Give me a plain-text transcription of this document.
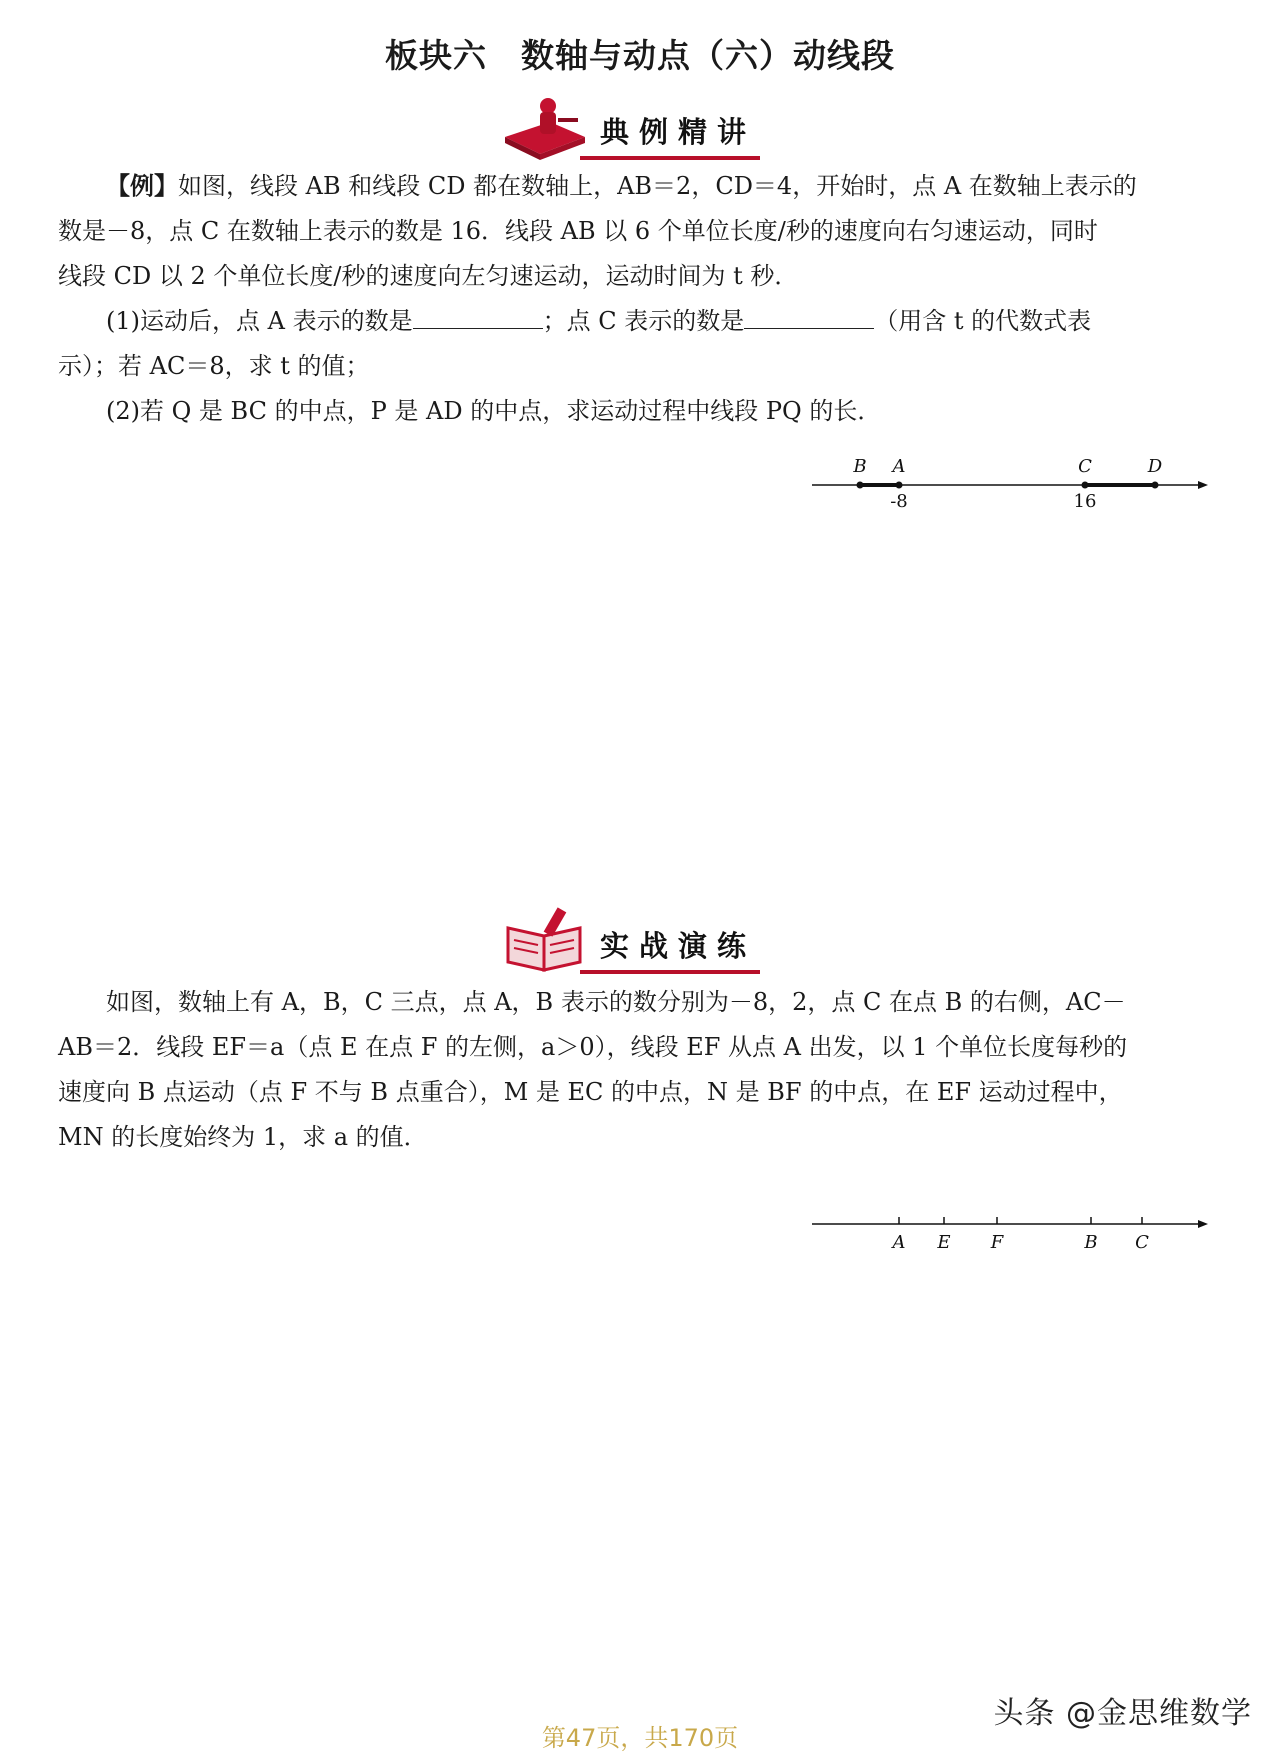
板块六　数轴与动点（六）动线段
典例精讲

【例】如图，线段 AB 和线段 CD 都在数轴上，AB＝2，CD＝4，开始时，点 A 在数轴上表示的

数是－8，点 C 在数轴上表示的数是 16．线段 AB 以 6 个单位长度/秒的速度向右匀速运动，同时

线段 CD 以 2 个单位长度/秒的速度向左匀速运动，运动时间为 t 秒．

(1)运动后，点 A 表示的数是	；点 C 表示的数是	（用含 t 的代数式表

示）；若 AC＝8，求 t 的值；

(2)若 Q 是 BC 的中点，P 是 AD 的中点，求运动过程中线段 PQ 的长．

B A
-8
C
16
D
实战演练

如图，数轴上有 A，B，C 三点，点 A，B 表示的数分别为－8，2，点 C 在点 B 的右侧，AC－

AB＝2．线段 EF＝a（点 E 在点 F 的左侧，a＞0），线段 EF 从点 A 出发，以 1 个单位长度每秒的

速度向 B 点运动（点 F 不与 B 点重合），M 是 EC 的中点，N 是 BF 的中点，在 EF 运动过程中，

MN 的长度始终为 1，求 a 的值．

A E F	B C
第47页，共170页
头条 @金思维数学
